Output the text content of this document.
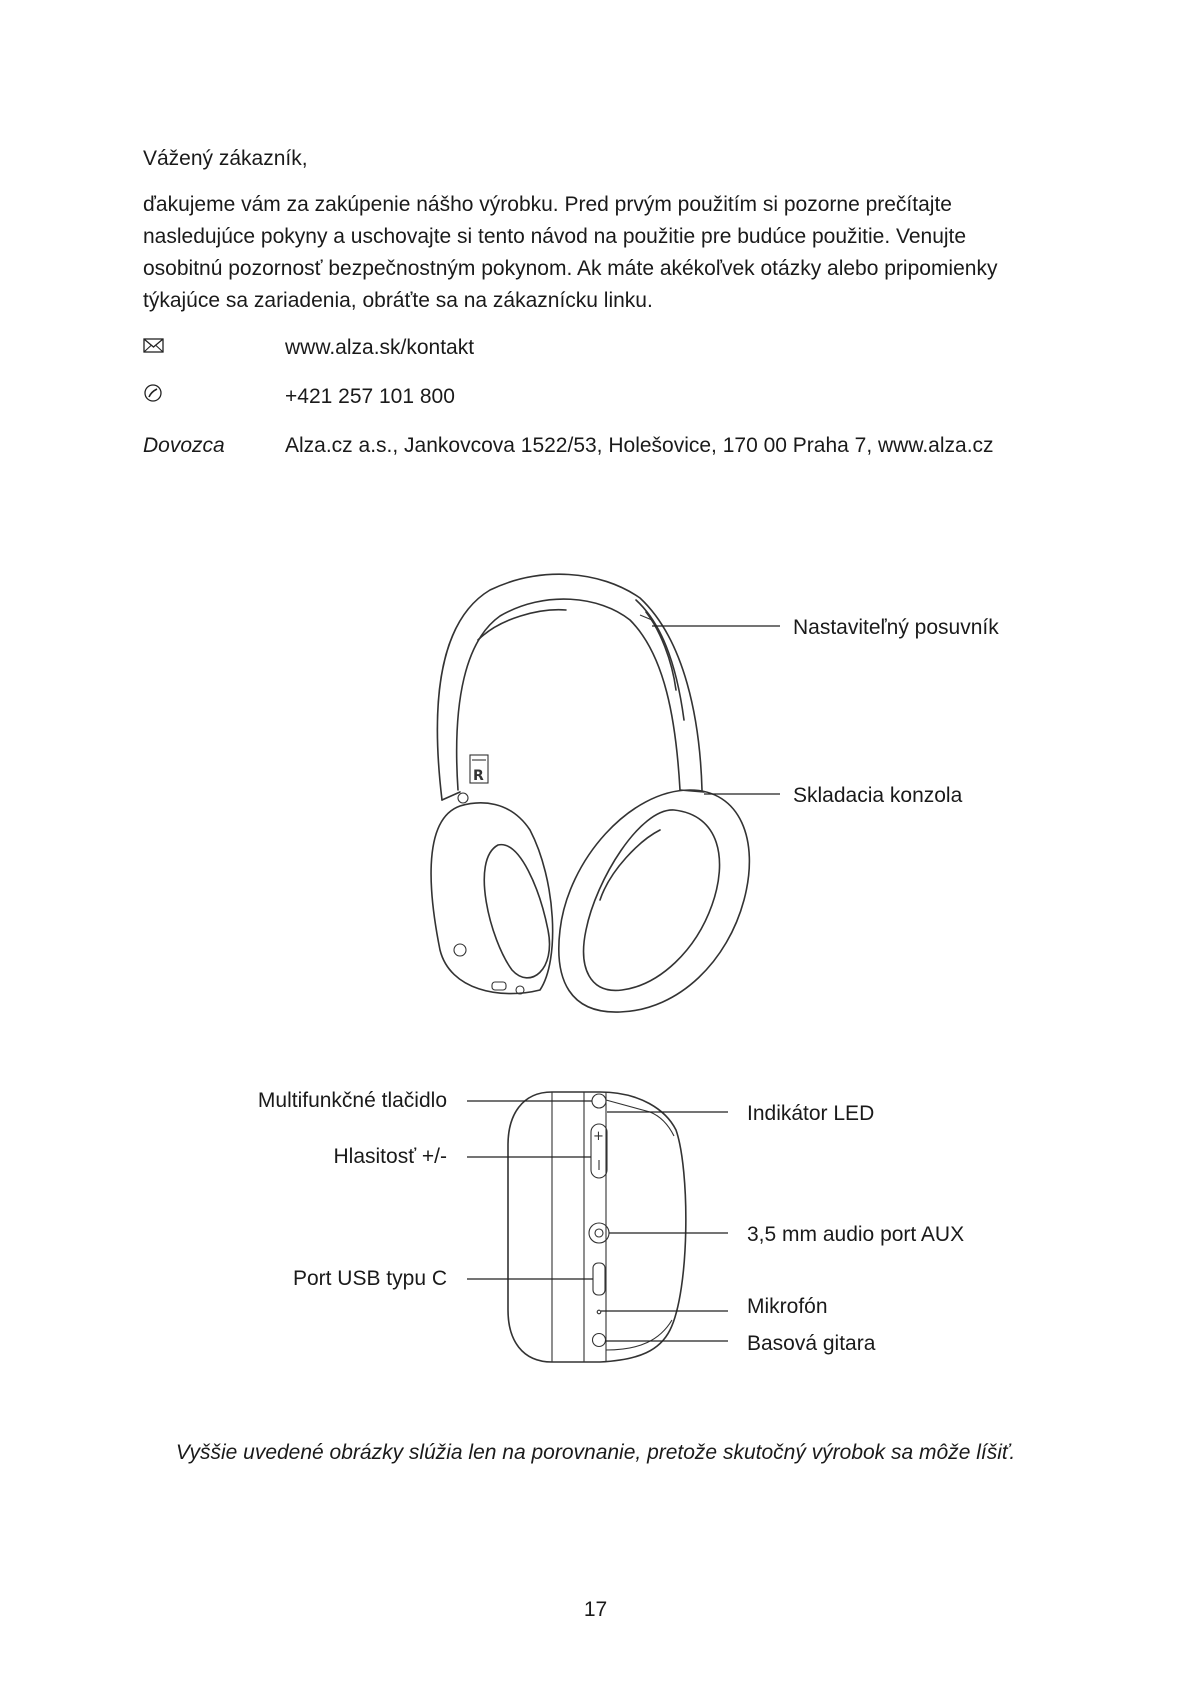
Vážený zákazník,

ďakujeme vám za zakúpenie nášho výrobku. Pred prvým použitím si pozorne prečítajte

nasledujúce pokyny a uschovajte si tento návod na použitie pre budúce použitie. Venujte

osobitnú pozornosť bezpečnostným pokynom. Ak máte akékoľvek otázky alebo pripomienky

týkajúce sa zariadenia, obráťte sa na zákaznícku linku.

www.alza.sk/kontakt
+421 257 101 800
Dovozca	Alza.cz a.s., Jankovcova 1522/53, Holešovice, 170 00 Praha 7, www.alza.cz
R
+
Nastaviteľný posuvník
Skladacia konzola
Multifunkčné tlačidlo
Hlasitosť +/-
Port USB typu C
Indikátor LED
3,5 mm audio port AUX
Mikrofón
Basová gitara
Vyššie uvedené obrázky slúžia len na porovnanie, pretože skutočný výrobok sa môže líšiť.
17
